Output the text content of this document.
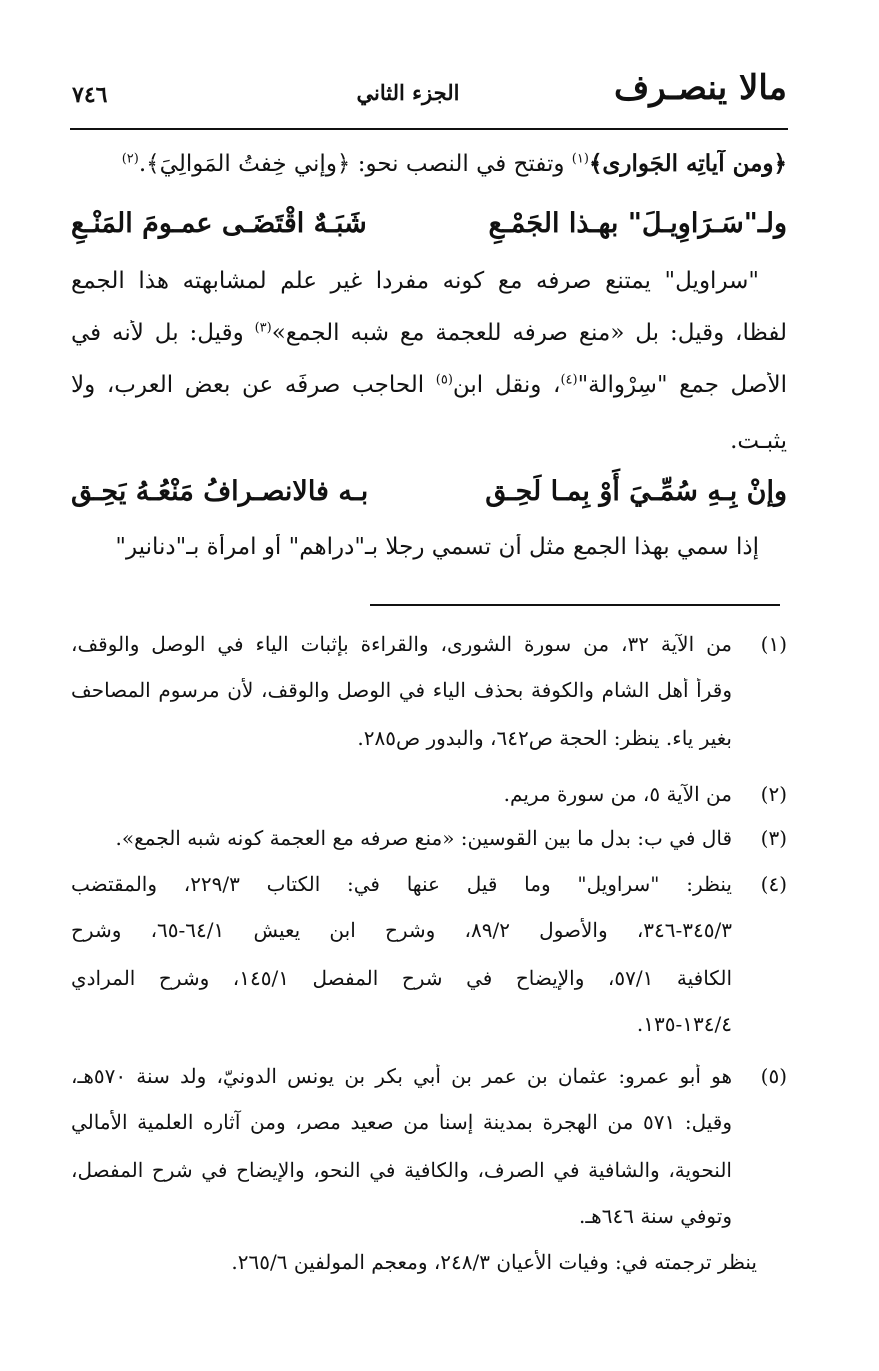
مالا ينصـرف
الجزء الثاني
٧٤٦
﴿ومن آياتِه الجَوارى﴾$^{(١)}$ وتفتح في النصب نحو: ﴿وإني خِفتُ المَوالِيَ﴾.$^{(٢)}$
ولـ"سَـرَاوِيـلَ" بهـذا الجَمْـعِ
شَبَـهٌ اقْتَضَـى عمـومَ المَنْـعِ
"سراويل" يمتنع صرفه مع كونه مفردا غير علم لمشابهته هذا الجمع
لفظا، وقيل: بل «منع صرفه للعجمة مع شبه الجمع»$^{(٣)}$ وقيل: بل لأنه في
الأصل جمع "سِرْوالة"$^{(٤)}$، ونقل ابن$^{(٥)}$ الحاجب صرفَه عن بعض العرب، ولا
يثبـت.
وإنْ بِـهِ سُمِّـيَ أَوْ بِمـا لَحِـق
بـه فالانصـرافُ مَنْعُـهُ يَحِـق
إذا سمي بهذا الجمع مثل أن تسمي رجلا بـ"دراهم" أو امرأة بـ"دنانير"
(١)
من الآية ٣٢، من سورة الشورى، والقراءة بإثبات الياء في الوصل والوقف،
وقرأ أهل الشام والكوفة بحذف الياء في الوصل والوقف، لأن مرسوم المصاحف
بغير ياء. ينظر: الحجة ص٦٤٢، والبدور ص٢٨٥.
(٢)
من الآية ٥، من سورة مريم.
(٣)
قال في ب: بدل ما بين القوسين: «منع صرفه مع العجمة كونه شبه الجمع».
(٤)
ينظر: "سراويل" وما قيل عنها في: الكتاب ٢٢٩/٣، والمقتضب
٣٤٥/٣-٣٤٦، والأصول ٨٩/٢، وشرح ابن يعيش ٦٤/١-٦٥، وشرح
الكافية ٥٧/١، والإيضاح في شرح المفصل ١٤٥/١، وشرح المرادي
١٣٤/٤-١٣٥.
(٥)
هو أبو عمرو: عثمان بن عمر بن أبي بكر بن يونس الدونيّ، ولد سنة ٥٧٠هـ،
وقيل: ٥٧١ من الهجرة بمدينة إسنا من صعيد مصر، ومن آثاره العلمية الأمالي
النحوية، والشافية في الصرف، والكافية في النحو، والإيضاح في شرح المفصل،
وتوفي سنة ٦٤٦هـ.
ينظر ترجمته في: وفيات الأعيان ٢٤٨/٣، ومعجم المولفين ٢٦٥/٦.
